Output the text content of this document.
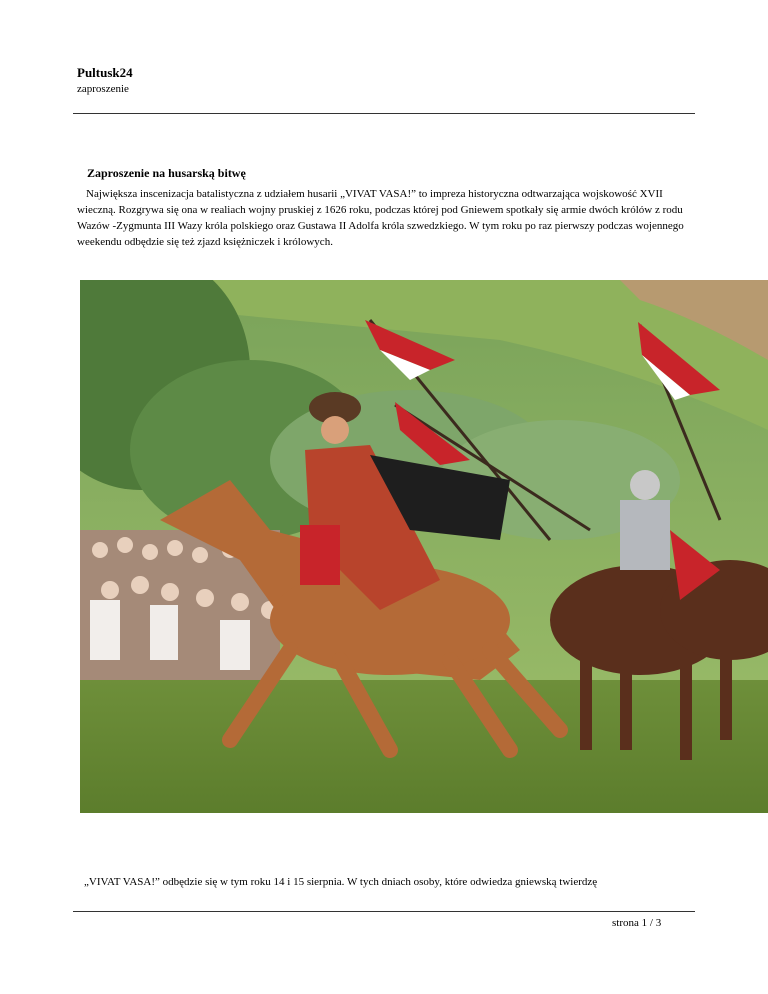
Pultusk24
zaproszenie
Zaproszenie na husarską bitwę
Największa inscenizacja batalistyczna z udziałem husarii „VIVAT VASA!” to impreza historyczna odtwarzająca wojskowość XVII wieczną. Rozgrywa się ona w realiach wojny pruskiej z 1626 roku, podczas której pod Gniewem spotkały się armie dwóch królów z rodu Wazów -Zygmunta III Wazy króla polskiego oraz Gustawa II Adolfa króla szwedzkiego. W tym roku po raz pierwszy podczas wojennego weekendu odbędzie się też zjazd księżniczek i królowych.
„VIVAT VASA!” odbędzie się w tym roku 14 i 15 sierpnia. W tych dniach osoby, które odwiedza gniewską twierdzę
strona 1 / 3
